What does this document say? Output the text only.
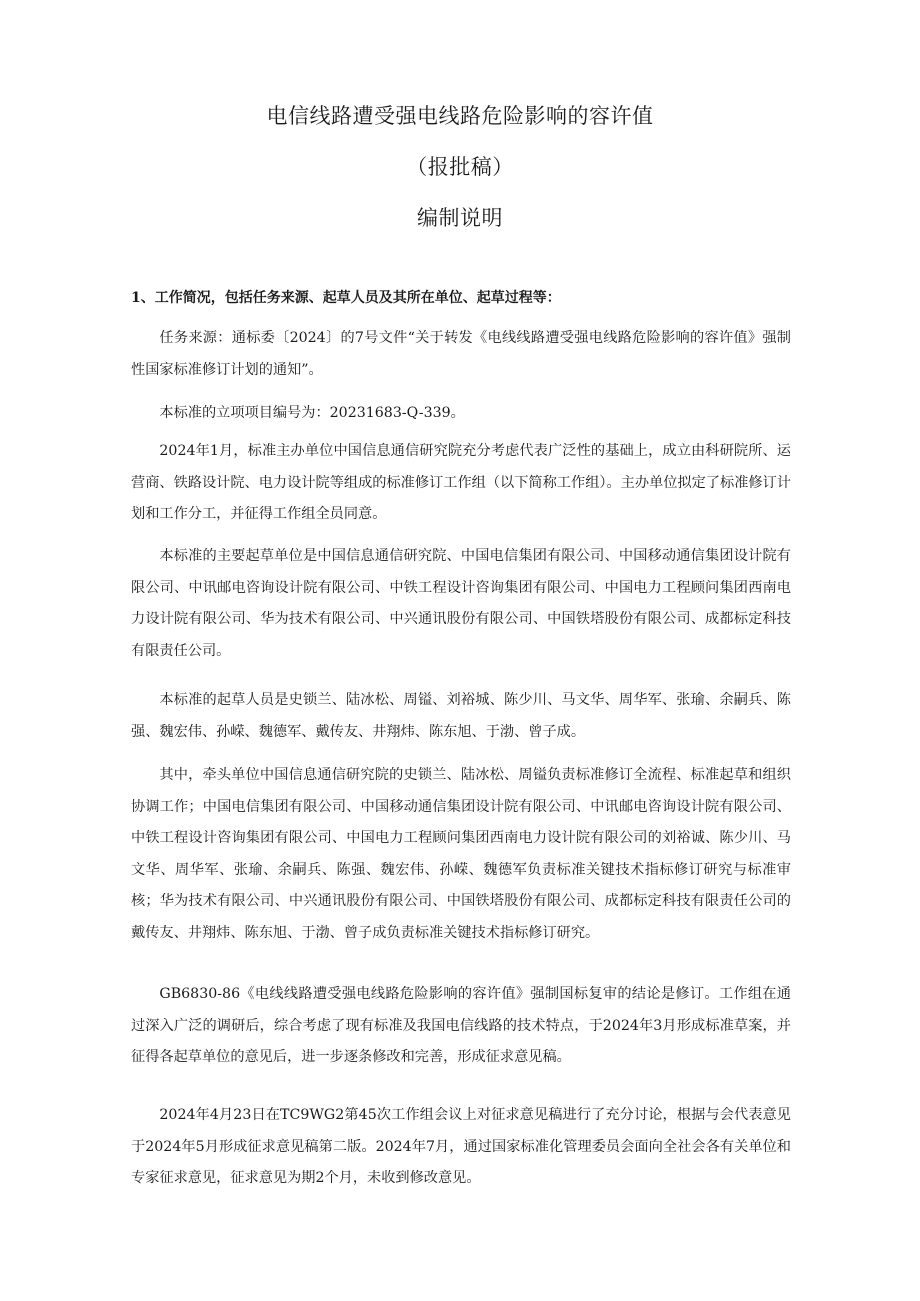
电信线路遭受强电线路危险影响的容许值
（报批稿）
编制说明
1、工作简况，包括任务来源、起草人员及其所在单位、起草过程等：

任务来源：通标委〔2024〕的7号文件“关于转发《电线线路遭受强电线路危险影响的容许值》强制性国家标准修订计划的通知”。

本标准的立项项目编号为：20231683-Q-339。

2024年1月，标准主办单位中国信息通信研究院充分考虑代表广泛性的基础上，成立由科研院所、运营商、铁路设计院、电力设计院等组成的标准修订工作组（以下简称工作组）。主办单位拟定了标准修订计划和工作分工，并征得工作组全员同意。

本标准的主要起草单位是中国信息通信研究院、中国电信集团有限公司、中国移动通信集团设计院有限公司、中讯邮电咨询设计院有限公司、中铁工程设计咨询集团有限公司、中国电力工程顾问集团西南电力设计院有限公司、华为技术有限公司、中兴通讯股份有限公司、中国铁塔股份有限公司、成都标定科技有限责任公司。

本标准的起草人员是史锁兰、陆冰松、周镒、刘裕城、陈少川、马文华、周华军、张瑜、余嗣兵、陈强、魏宏伟、孙嵘、魏德军、戴传友、井翔炜、陈东旭、于渤、曾子成。

其中，牵头单位中国信息通信研究院的史锁兰、陆冰松、周镒负责标准修订全流程、标准起草和组织协调工作；中国电信集团有限公司、中国移动通信集团设计院有限公司、中讯邮电咨询设计院有限公司、中铁工程设计咨询集团有限公司、中国电力工程顾问集团西南电力设计院有限公司的刘裕诚、陈少川、马文华、周华军、张瑜、余嗣兵、陈强、魏宏伟、孙嵘、魏德军负责标准关键技术指标修订研究与标准审核；华为技术有限公司、中兴通讯股份有限公司、中国铁塔股份有限公司、成都标定科技有限责任公司的戴传友、井翔炜、陈东旭、于渤、曾子成负责标准关键技术指标修订研究。

GB6830-86《电线线路遭受强电线路危险影响的容许值》强制国标复审的结论是修订。工作组在通过深入广泛的调研后，综合考虑了现有标准及我国电信线路的技术特点，于2024年3月形成标准草案，并征得各起草单位的意见后，进一步逐条修改和完善，形成征求意见稿。

2024年4月23日在TC9WG2第45次工作组会议上对征求意见稿进行了充分讨论，根据与会代表意见于2024年5月形成征求意见稿第二版。2024年7月，通过国家标准化管理委员会面向全社会各有关单位和专家征求意见，征求意见为期2个月，未收到修改意见。
